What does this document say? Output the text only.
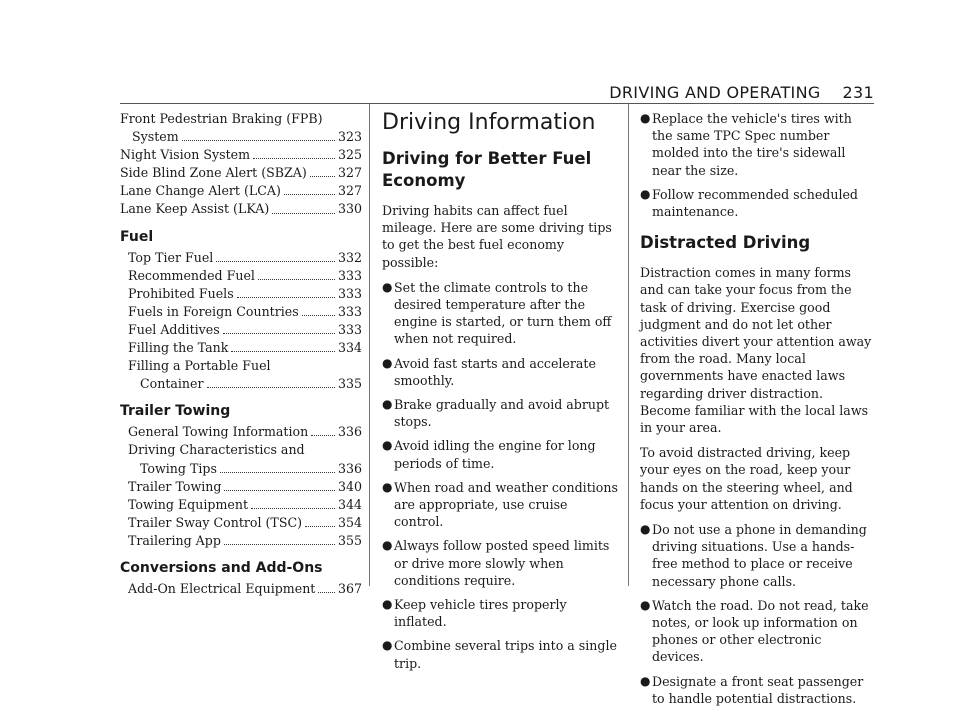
DRIVING AND OPERATING 231
Front Pedestrian Braking (FPB)
System	323
Night Vision System	325
Side Blind Zone Alert (SBZA) 327
Lane Change Alert (LCA)	327
Lane Keep Assist (LKA)	330
Fuel
Top Tier Fuel	332
Recommended Fuel	333
Prohibited Fuels	333
Fuels in Foreign Countries	333
Fuel Additives	333
Filling the Tank	334
Filling a Portable Fuel
Container	335
Trailer Towing
General Towing Information 336
Driving Characteristics and
Towing Tips	336
Trailer Towing	340
Towing Equipment	344
Trailer Sway Control (TSC)	354
Trailering App	355
Conversions and Add-Ons
Add-On Electrical Equipment 367
Driving Information
Driving for Better Fuel
Economy

Driving habits can affect fuel mileage. Here are some driving tips to get the best fuel economy possible:

● Set the climate controls to the desired temperature after the engine is started, or turn them off when not required.
● Avoid fast starts and accelerate smoothly.
● Brake gradually and avoid abrupt stops.
● Avoid idling the engine for long periods of time.
● When road and weather conditions are appropriate, use cruise control.
● Always follow posted speed limits or drive more slowly when conditions require.
● Keep vehicle tires properly inflated.
● Combine several trips into a single trip.
● Replace the vehicle's tires with the same TPC Spec number molded into the tire's sidewall near the size.
● Follow recommended scheduled maintenance.
Distracted Driving

Distraction comes in many forms and can take your focus from the task of driving. Exercise good judgment and do not let other activities divert your attention away from the road. Many local governments have enacted laws regarding driver distraction. Become familiar with the local laws in your area.

To avoid distracted driving, keep your eyes on the road, keep your hands on the steering wheel, and focus your attention on driving.

● Do not use a phone in demanding driving situations. Use a hands-free method to place or receive necessary phone calls.
● Watch the road. Do not read, take notes, or look up information on phones or other electronic devices.
● Designate a front seat passenger to handle potential distractions.
